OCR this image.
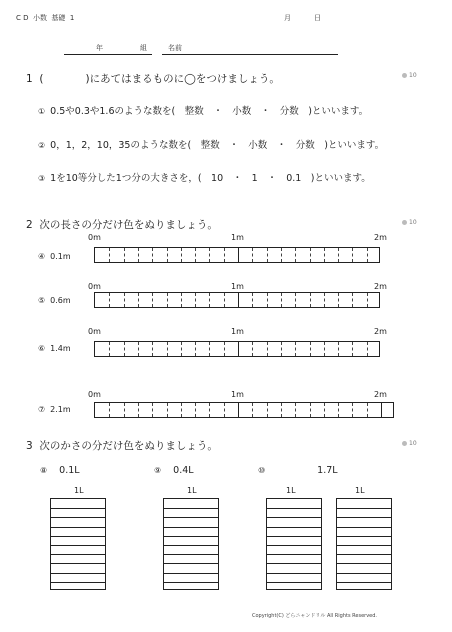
C D 小数 基礎 1	月	日
年	組	名前
1 (　　　　)にあてはまるものに◯をつけましょう。	10
① 0.5や0.3や1.6のような数を(　整数　・　小数　・　分数　)といいます。
② 0，1，2，10，35のような数を(　整数　・　小数　・　分数　)といいます。
③ 1を10等分した1つ分の大きさを，(　10　・　1　・　0.1　)といいます。
2 次の長さの分だけ色をぬりましょう。	10
0m	1m	2m
0m	1m	2m
0m	1m	2m
0m	1m	2m
④ 0.1m
⑤ 0.6m
⑥ 1.4m
⑦ 2.1m
3 次のかさの分だけ色をぬりましょう。	10
⑧ 0.1L	⑨ 0.4L	⑩	1.7L
1L	1L	1L	1L
Copyright(C) どらニャンドリル All Rights Reserved.
